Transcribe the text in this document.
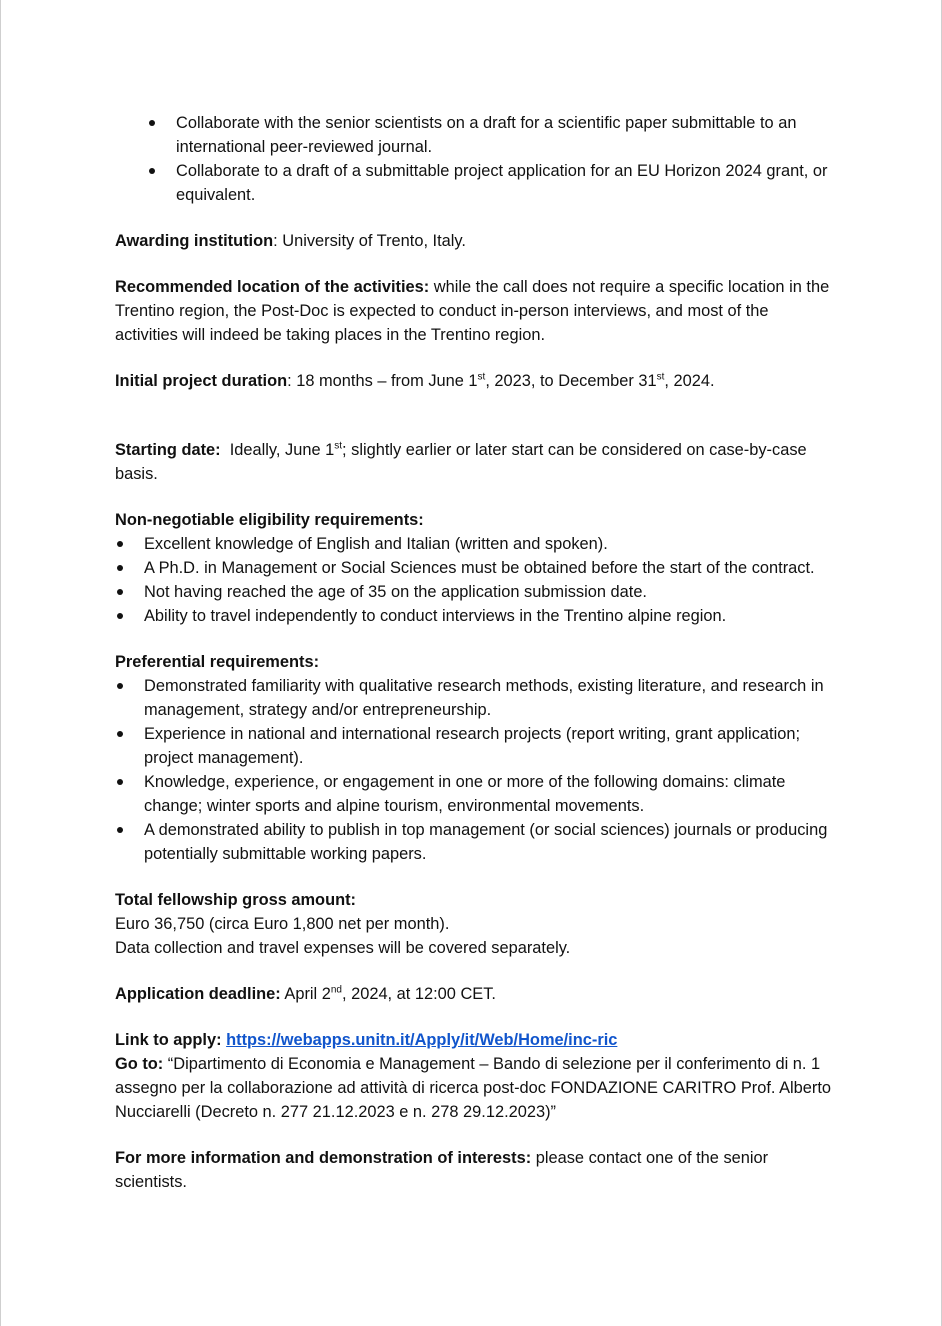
Collaborate with the senior scientists on a draft for a scientific paper submittable to an international peer-reviewed journal.
Collaborate to a draft of a submittable project application for an EU Horizon 2024 grant, or equivalent.

Awarding institution: University of Trento, Italy.

Recommended location of the activities: while the call does not require a specific location in the Trentino region, the Post-Doc is expected to conduct in-person interviews, and most of the activities will indeed be taking places in the Trentino region.

Initial project duration: 18 months – from June 1st, 2023, to December 31st, 2024.

Starting date:  Ideally, June 1st; slightly earlier or later start can be considered on case-by-case basis.

Non-negotiable eligibility requirements:

Excellent knowledge of English and Italian (written and spoken).
A Ph.D. in Management or Social Sciences must be obtained before the start of the contract.
Not having reached the age of 35 on the application submission date.
Ability to travel independently to conduct interviews in the Trentino alpine region.

Preferential requirements:

Demonstrated familiarity with qualitative research methods, existing literature, and research in management, strategy and/or entrepreneurship.
Experience in national and international research projects (report writing, grant application; project management).
Knowledge, experience, or engagement in one or more of the following domains: climate change; winter sports and alpine tourism, environmental movements.
A demonstrated ability to publish in top management (or social sciences) journals or producing potentially submittable working papers.

Total fellowship gross amount:

Euro 36,750 (circa Euro 1,800 net per month).

Data collection and travel expenses will be covered separately.

Application deadline: April 2nd, 2024, at 12:00 CET.

Link to apply: https://webapps.unitn.it/Apply/it/Web/Home/inc-ric

Go to: “Dipartimento di Economia e Management – Bando di selezione per il conferimento di n. 1 assegno per la collaborazione ad attività di ricerca post-doc FONDAZIONE CARITRO Prof. Alberto Nucciarelli (Decreto n. 277 21.12.2023 e n. 278 29.12.2023)”

For more information and demonstration of interests: please contact one of the senior scientists.
